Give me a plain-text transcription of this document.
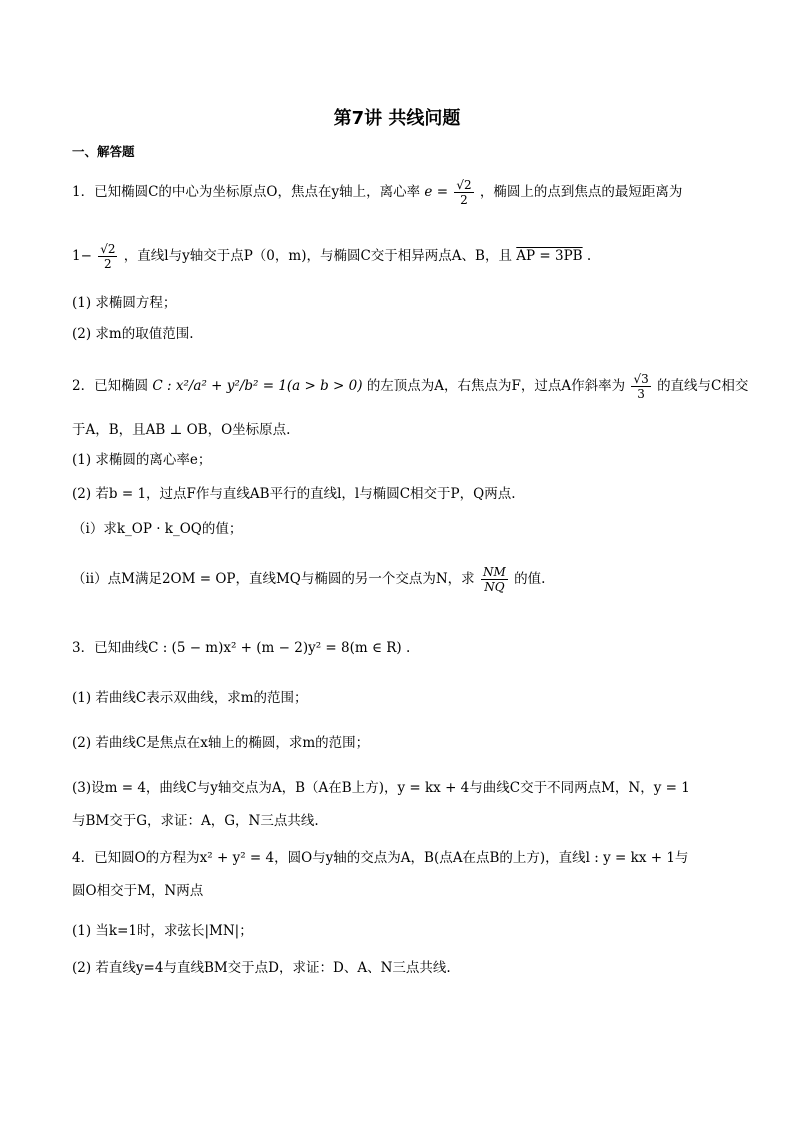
第7讲 共线问题
一、解答题
1．已知椭圆C的中心为坐标原点O，焦点在y轴上，离心率 $e = \frac{√2}{2}$ ，椭圆上的点到焦点的最短距离为
$1- \frac{√2}{2}$ ，直线l与y轴交于点P（0，m)，与椭圆C交于相异两点A、B，且 AP = 3PB .
(1) 求椭圆方程；
(2) 求m的取值范围.
2．已知椭圆 C : x²/a² + y²/b² = 1(a > b > 0) 的左顶点为A，右焦点为F，过点A作斜率为 $\frac{√3}{3}$ 的直线与C相交
于A，B，且AB ⊥ OB，O坐标原点.
(1) 求椭圆的离心率e；
(2) 若b = 1，过点F作与直线AB平行的直线l，l与椭圆C相交于P，Q两点.
（ⅰ）求k_OP · k_OQ的值；
（ⅱ）点M满足2OM = OP，直线MQ与椭圆的另一个交点为N，求 $\frac{NM}{NQ}$ 的值.
3．已知曲线C : (5 − m)x² + (m − 2)y² = 8(m ∈ R) .
(1) 若曲线C表示双曲线，求m的范围；
(2) 若曲线C是焦点在x轴上的椭圆，求m的范围；
(3)设m = 4，曲线C与y轴交点为A，B（A在B上方)，y = kx + 4与曲线C交于不同两点M，N，y = 1
与BM交于G，求证：A，G，N三点共线.
4．已知圆O的方程为x² + y² = 4，圆O与y轴的交点为A，B(点A在点B的上方)，直线l : y = kx + 1与
圆O相交于M，N两点
(1) 当k=1时，求弦长|MN|；
(2) 若直线y=4与直线BM交于点D，求证：D、A、N三点共线.
